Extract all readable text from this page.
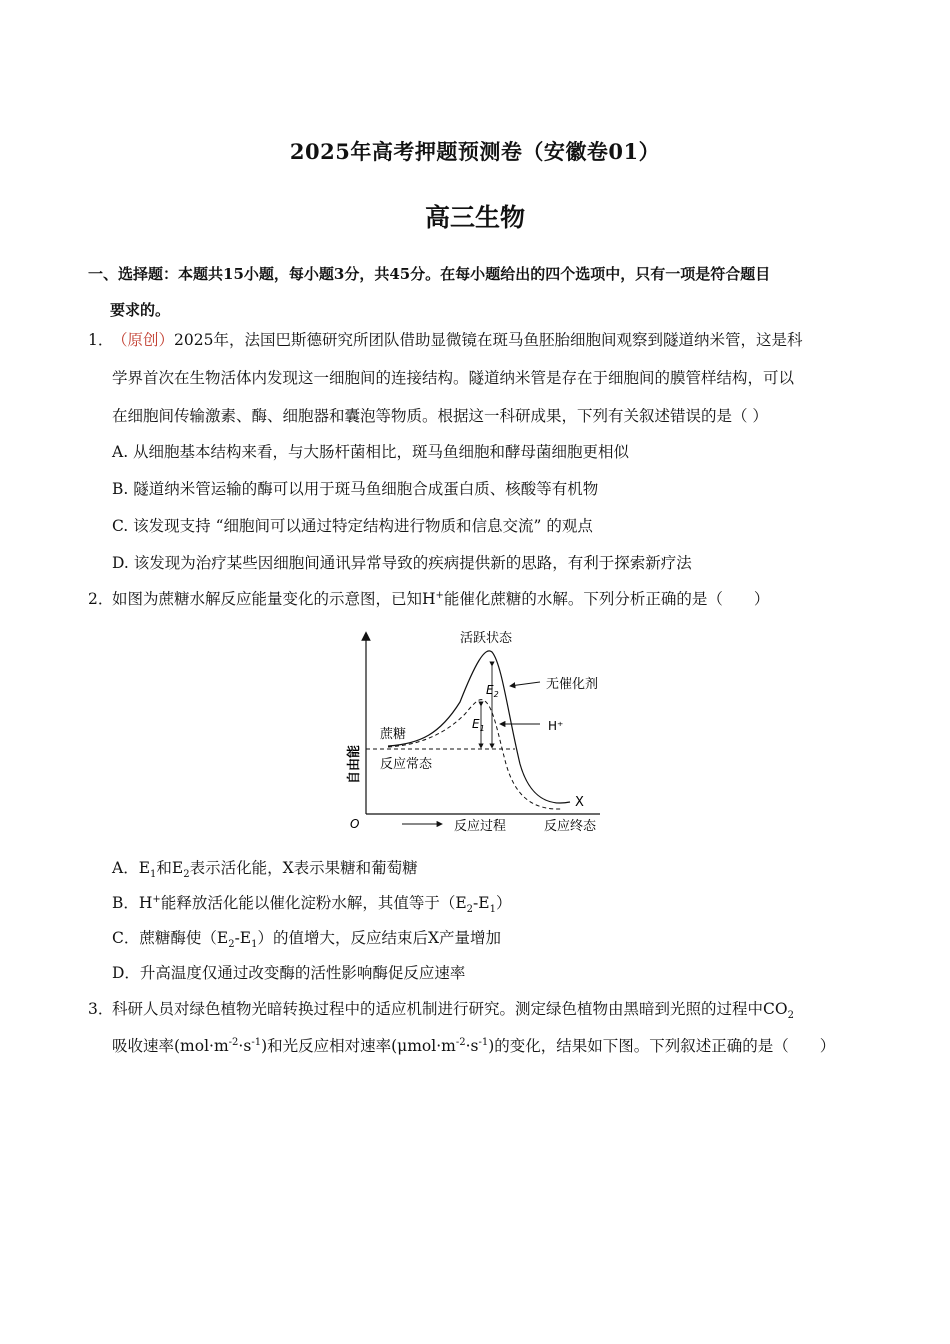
2025年高考押题预测卷（安徽卷01）
高三生物
一、选择题：本题共15小题，每小题3分，共45分。在每小题给出的四个选项中，只有一项是符合题目
要求的。
1．
（原创）2025年，法国巴斯德研究所团队借助显微镜在斑马鱼胚胎细胞间观察到隧道纳米管，这是科
学界首次在生物活体内发现这一细胞间的连接结构。隧道纳米管是存在于细胞间的膜管样结构，可以
在细胞间传输激素、酶、细胞器和囊泡等物质。根据这一科研成果，下列有关叙述错误的是（ ）
A. 从细胞基本结构来看，与大肠杆菌相比，斑马鱼细胞和酵母菌细胞更相似
B. 隧道纳米管运输的酶可以用于斑马鱼细胞合成蛋白质、核酸等有机物
C. 该发现支持 “细胞间可以通过特定结构进行物质和信息交流” 的观点
D. 该发现为治疗某些因细胞间通讯异常导致的疾病提供新的思路，有利于探索新疗法
2．
如图为蔗糖水解反应能量变化的示意图，已知H+能催化蔗糖的水解。下列分析正确的是（　　）
活跃状态
无催化剂
H⁺
蔗糖
反应常态
自由能
O	反应过程	反应终态
X
$E_2$
$E_1$
A．$E_1$和$E_2$表示活化能，X表示果糖和葡萄糖
B．H+能释放活化能以催化淀粉水解，其值等于$(E_2-E_1)$
C．蔗糖酶使$(E_2-E_1)$的值增大，反应结束后X产量增加
D．升高温度仅通过改变酶的活性影响酶促反应速率
3．
科研人员对绿色植物光暗转换过程中的适应机制进行研究。测定绿色植物由黑暗到光照的过程中$CO_2$
吸收速率$(mol\cdot m^{-2}\cdot s^{-1})$和光反应相对速率$(\mu mol\cdot m^{-2}\cdot s^{-1})$的变化，结果如下图。下列叙述正确的是（　　）
